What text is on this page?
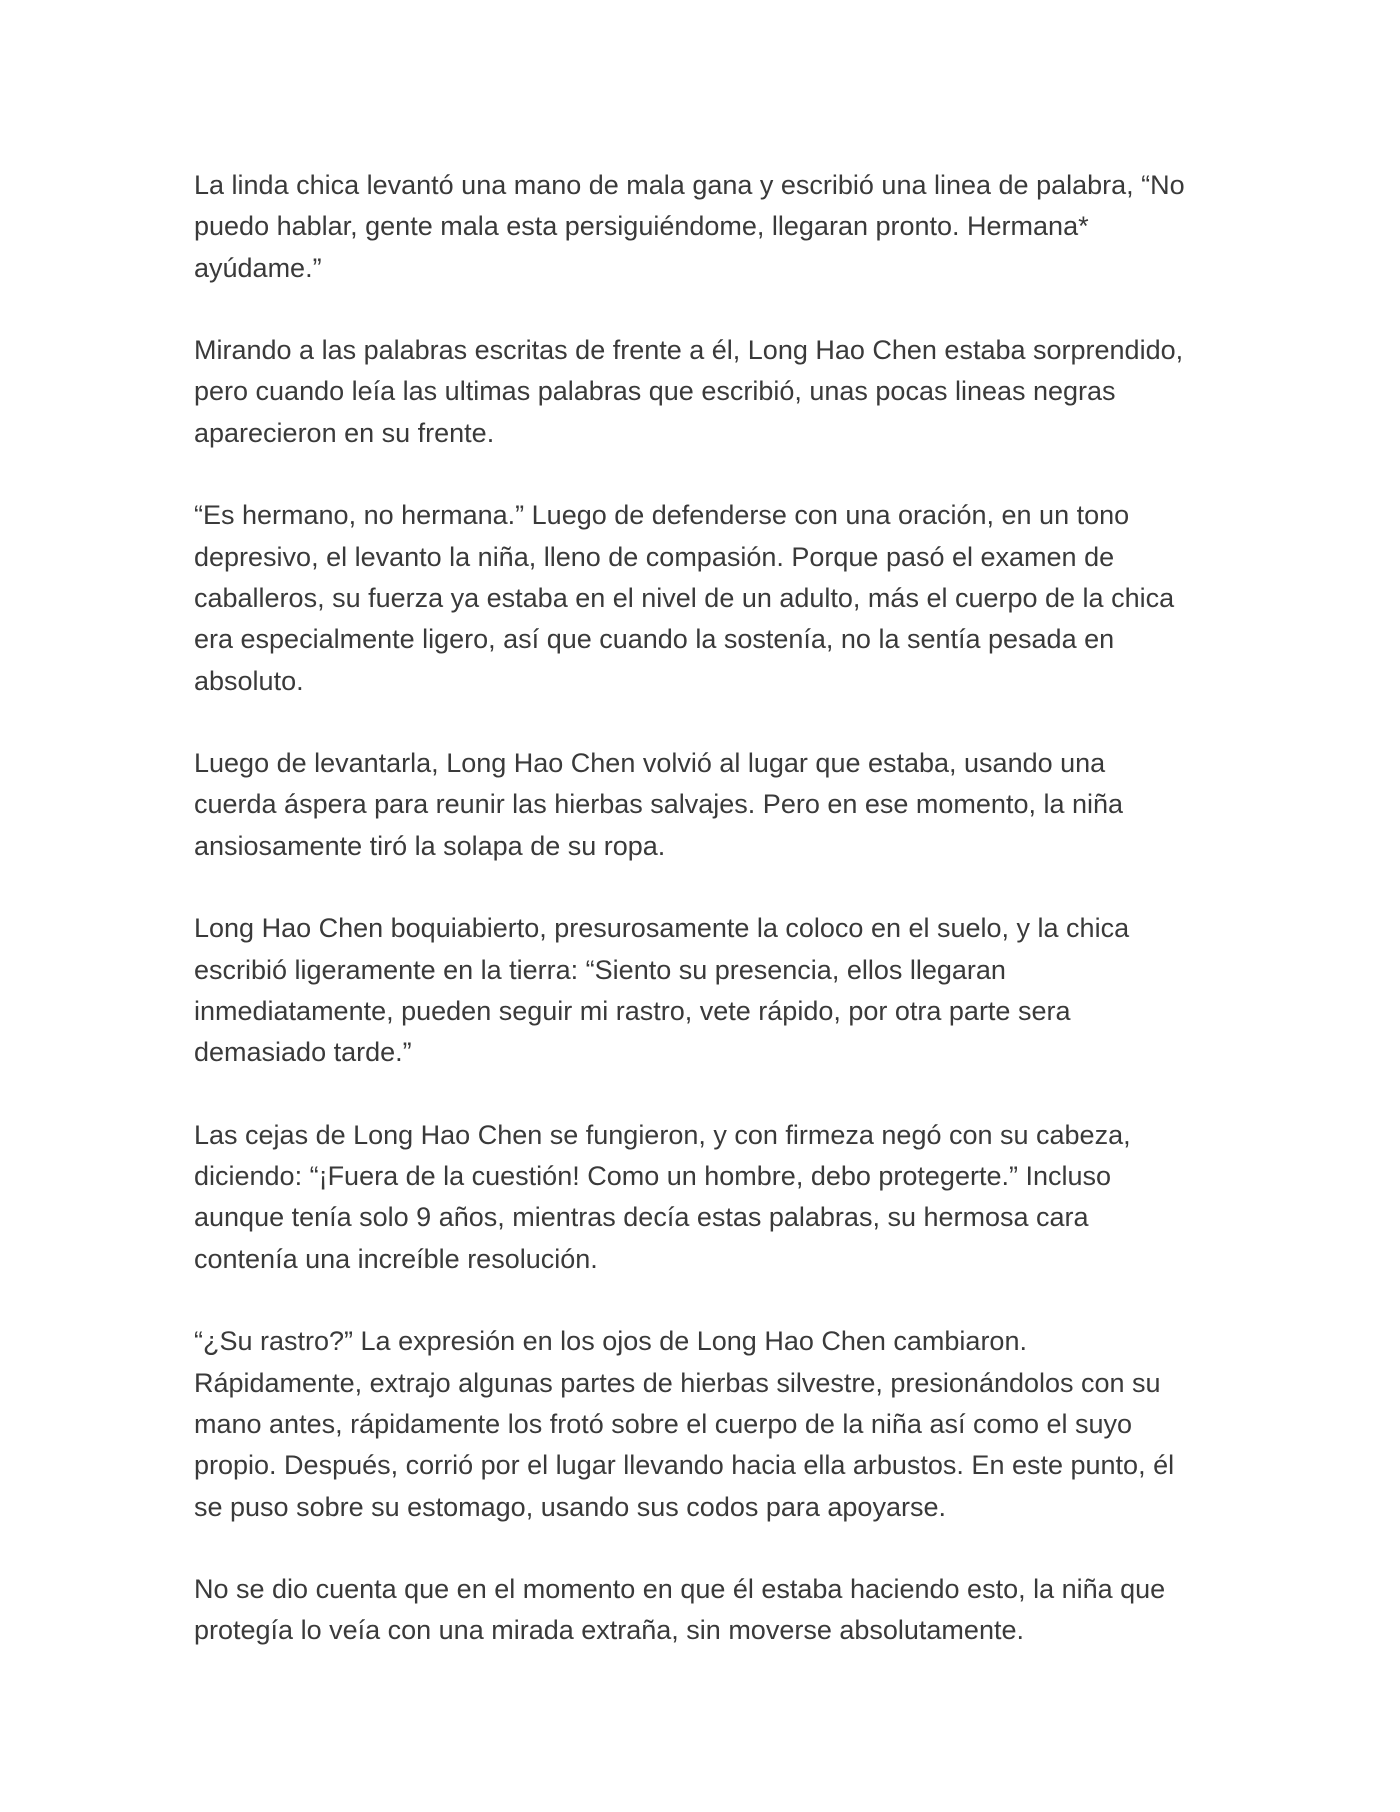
La linda chica levantó una mano de mala gana y escribió una linea de palabra, “No
puedo hablar, gente mala esta persiguiéndome, llegaran pronto. Hermana*
ayúdame.”

Mirando a las palabras escritas de frente a él, Long Hao Chen estaba sorprendido,
pero cuando leía las ultimas palabras que escribió, unas pocas lineas negras
aparecieron en su frente.

“Es hermano, no hermana.” Luego de defenderse con una oración, en un tono
depresivo, el levanto la niña, lleno de compasión. Porque pasó el examen de
caballeros, su fuerza ya estaba en el nivel de un adulto, más el cuerpo de la chica
era especialmente ligero, así que cuando la sostenía, no la sentía pesada en
absoluto.

Luego de levantarla, Long Hao Chen volvió al lugar que estaba, usando una
cuerda áspera para reunir las hierbas salvajes. Pero en ese momento, la niña
ansiosamente tiró la solapa de su ropa.

Long Hao Chen boquiabierto, presurosamente la coloco en el suelo, y la chica
escribió ligeramente en la tierra: “Siento su presencia, ellos llegaran
inmediatamente, pueden seguir mi rastro, vete rápido, por otra parte sera
demasiado tarde.”

Las cejas de Long Hao Chen se fungieron, y con firmeza negó con su cabeza,
diciendo: “¡Fuera de la cuestión! Como un hombre, debo protegerte.” Incluso
aunque tenía solo 9 años, mientras decía estas palabras, su hermosa cara
contenía una increíble resolución.

“¿Su rastro?” La expresión en los ojos de Long Hao Chen cambiaron.
Rápidamente, extrajo algunas partes de hierbas silvestre, presionándolos con su
mano antes, rápidamente los frotó sobre el cuerpo de la niña así como el suyo
propio. Después, corrió por el lugar llevando hacia ella arbustos. En este punto, él
se puso sobre su estomago, usando sus codos para apoyarse.

No se dio cuenta que en el momento en que él estaba haciendo esto, la niña que
protegía lo veía con una mirada extraña, sin moverse absolutamente.
